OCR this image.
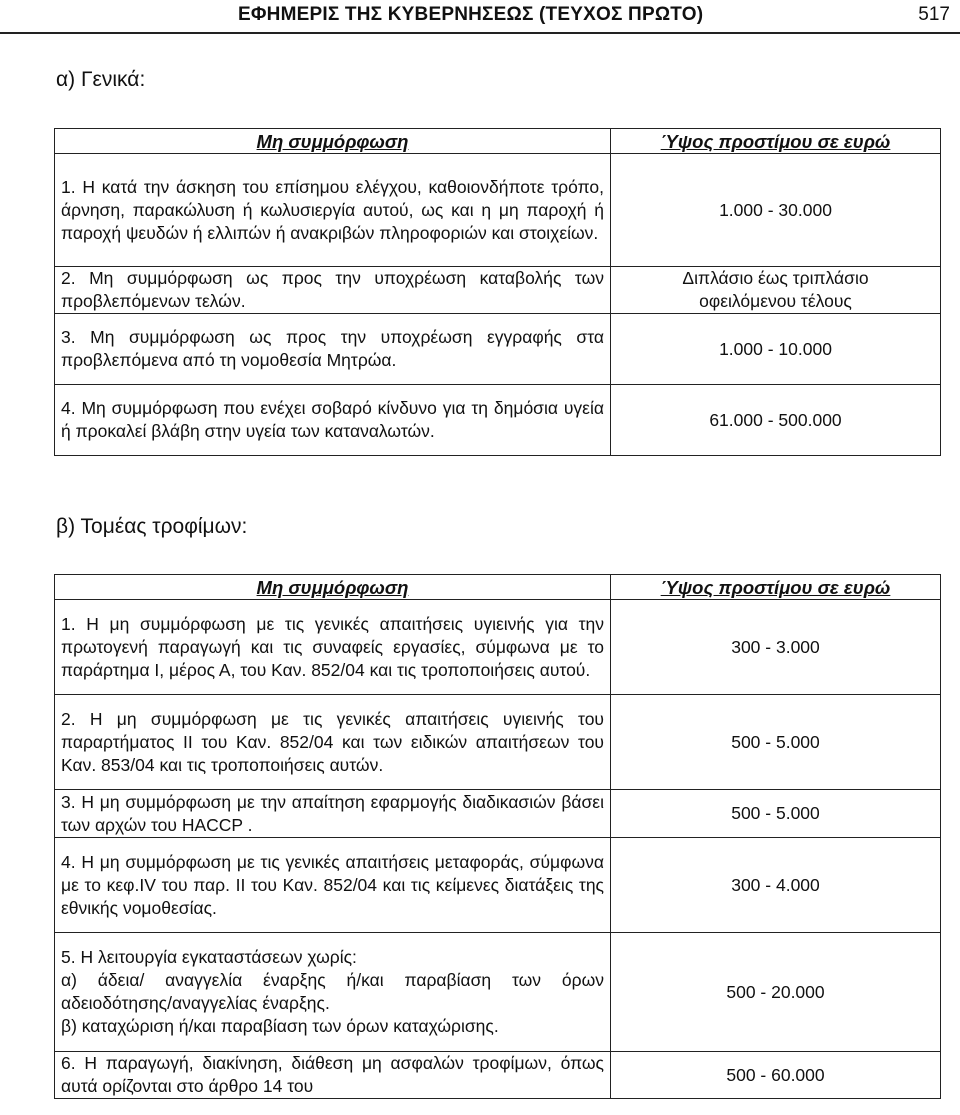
ΕΦΗΜΕΡΙΣ ΤΗΣ ΚΥΒΕΡΝΗΣΕΩΣ (ΤΕΥΧΟΣ ΠΡΩΤΟ)	517
α) Γενικά:
Μη συμμόρφωση	Ύψος προστίμου σε ευρώ
1. Η κατά την άσκηση του επίσημου ελέγχου, καθοιονδήποτε τρόπο, άρνηση, παρακώλυση ή κωλυσιεργία αυτού, ως και η μη παροχή ή παροχή ψευδών ή ελλιπών ή ανακριβών πληροφοριών και στοιχείων.	1.000 - 30.000
2. Μη συμμόρφωση ως προς την υποχρέωση καταβολής των προβλεπόμενων τελών.	Διπλάσιο έως τριπλάσιο
οφειλόμενου τέλους
3. Μη συμμόρφωση ως προς την υποχρέωση εγγραφής στα προβλεπόμενα από τη νομοθεσία Μητρώα.	1.000 - 10.000
4. Μη συμμόρφωση που ενέχει σοβαρό κίνδυνο για τη δημόσια υγεία ή προκαλεί βλάβη στην υγεία των καταναλωτών.	61.000 - 500.000
β) Τομέας τροφίμων:
Μη συμμόρφωση	Ύψος προστίμου σε ευρώ
1. Η μη συμμόρφωση με τις γενικές απαιτήσεις υγιεινής για την πρωτογενή παραγωγή και τις συναφείς εργασίες, σύμφωνα με το παράρτημα Ι, μέρος Α, του Καν. 852/04 και τις τροποποιήσεις αυτού.	300 - 3.000
2. Η μη συμμόρφωση με τις γενικές απαιτήσεις υγιεινής του παραρτήματος ΙΙ του Καν. 852/04 και των ειδικών απαιτήσεων του Καν. 853/04 και τις τροποποιήσεις αυτών.	500 - 5.000
3. Η μη συμμόρφωση με την απαίτηση εφαρμογής διαδικασιών βάσει των αρχών του HACCP .	500 - 5.000
4. Η μη συμμόρφωση με τις γενικές απαιτήσεις μεταφοράς, σύμφωνα με το κεφ.IV του παρ. ΙΙ του Καν. 852/04 και τις κείμενες διατάξεις της εθνικής νομοθεσίας.	300 - 4.000
5. Η λειτουργία εγκαταστάσεων χωρίς:
α) άδεια/ αναγγελία έναρξης ή/και παραβίαση των όρων αδειοδότησης/αναγγελίας έναρξης.
β) καταχώριση ή/και παραβίαση των όρων καταχώρισης.	500 - 20.000
6. Η παραγωγή, διακίνηση, διάθεση μη ασφαλών τροφίμων, όπως αυτά ορίζονται στο άρθρο 14 του	500 - 60.000
